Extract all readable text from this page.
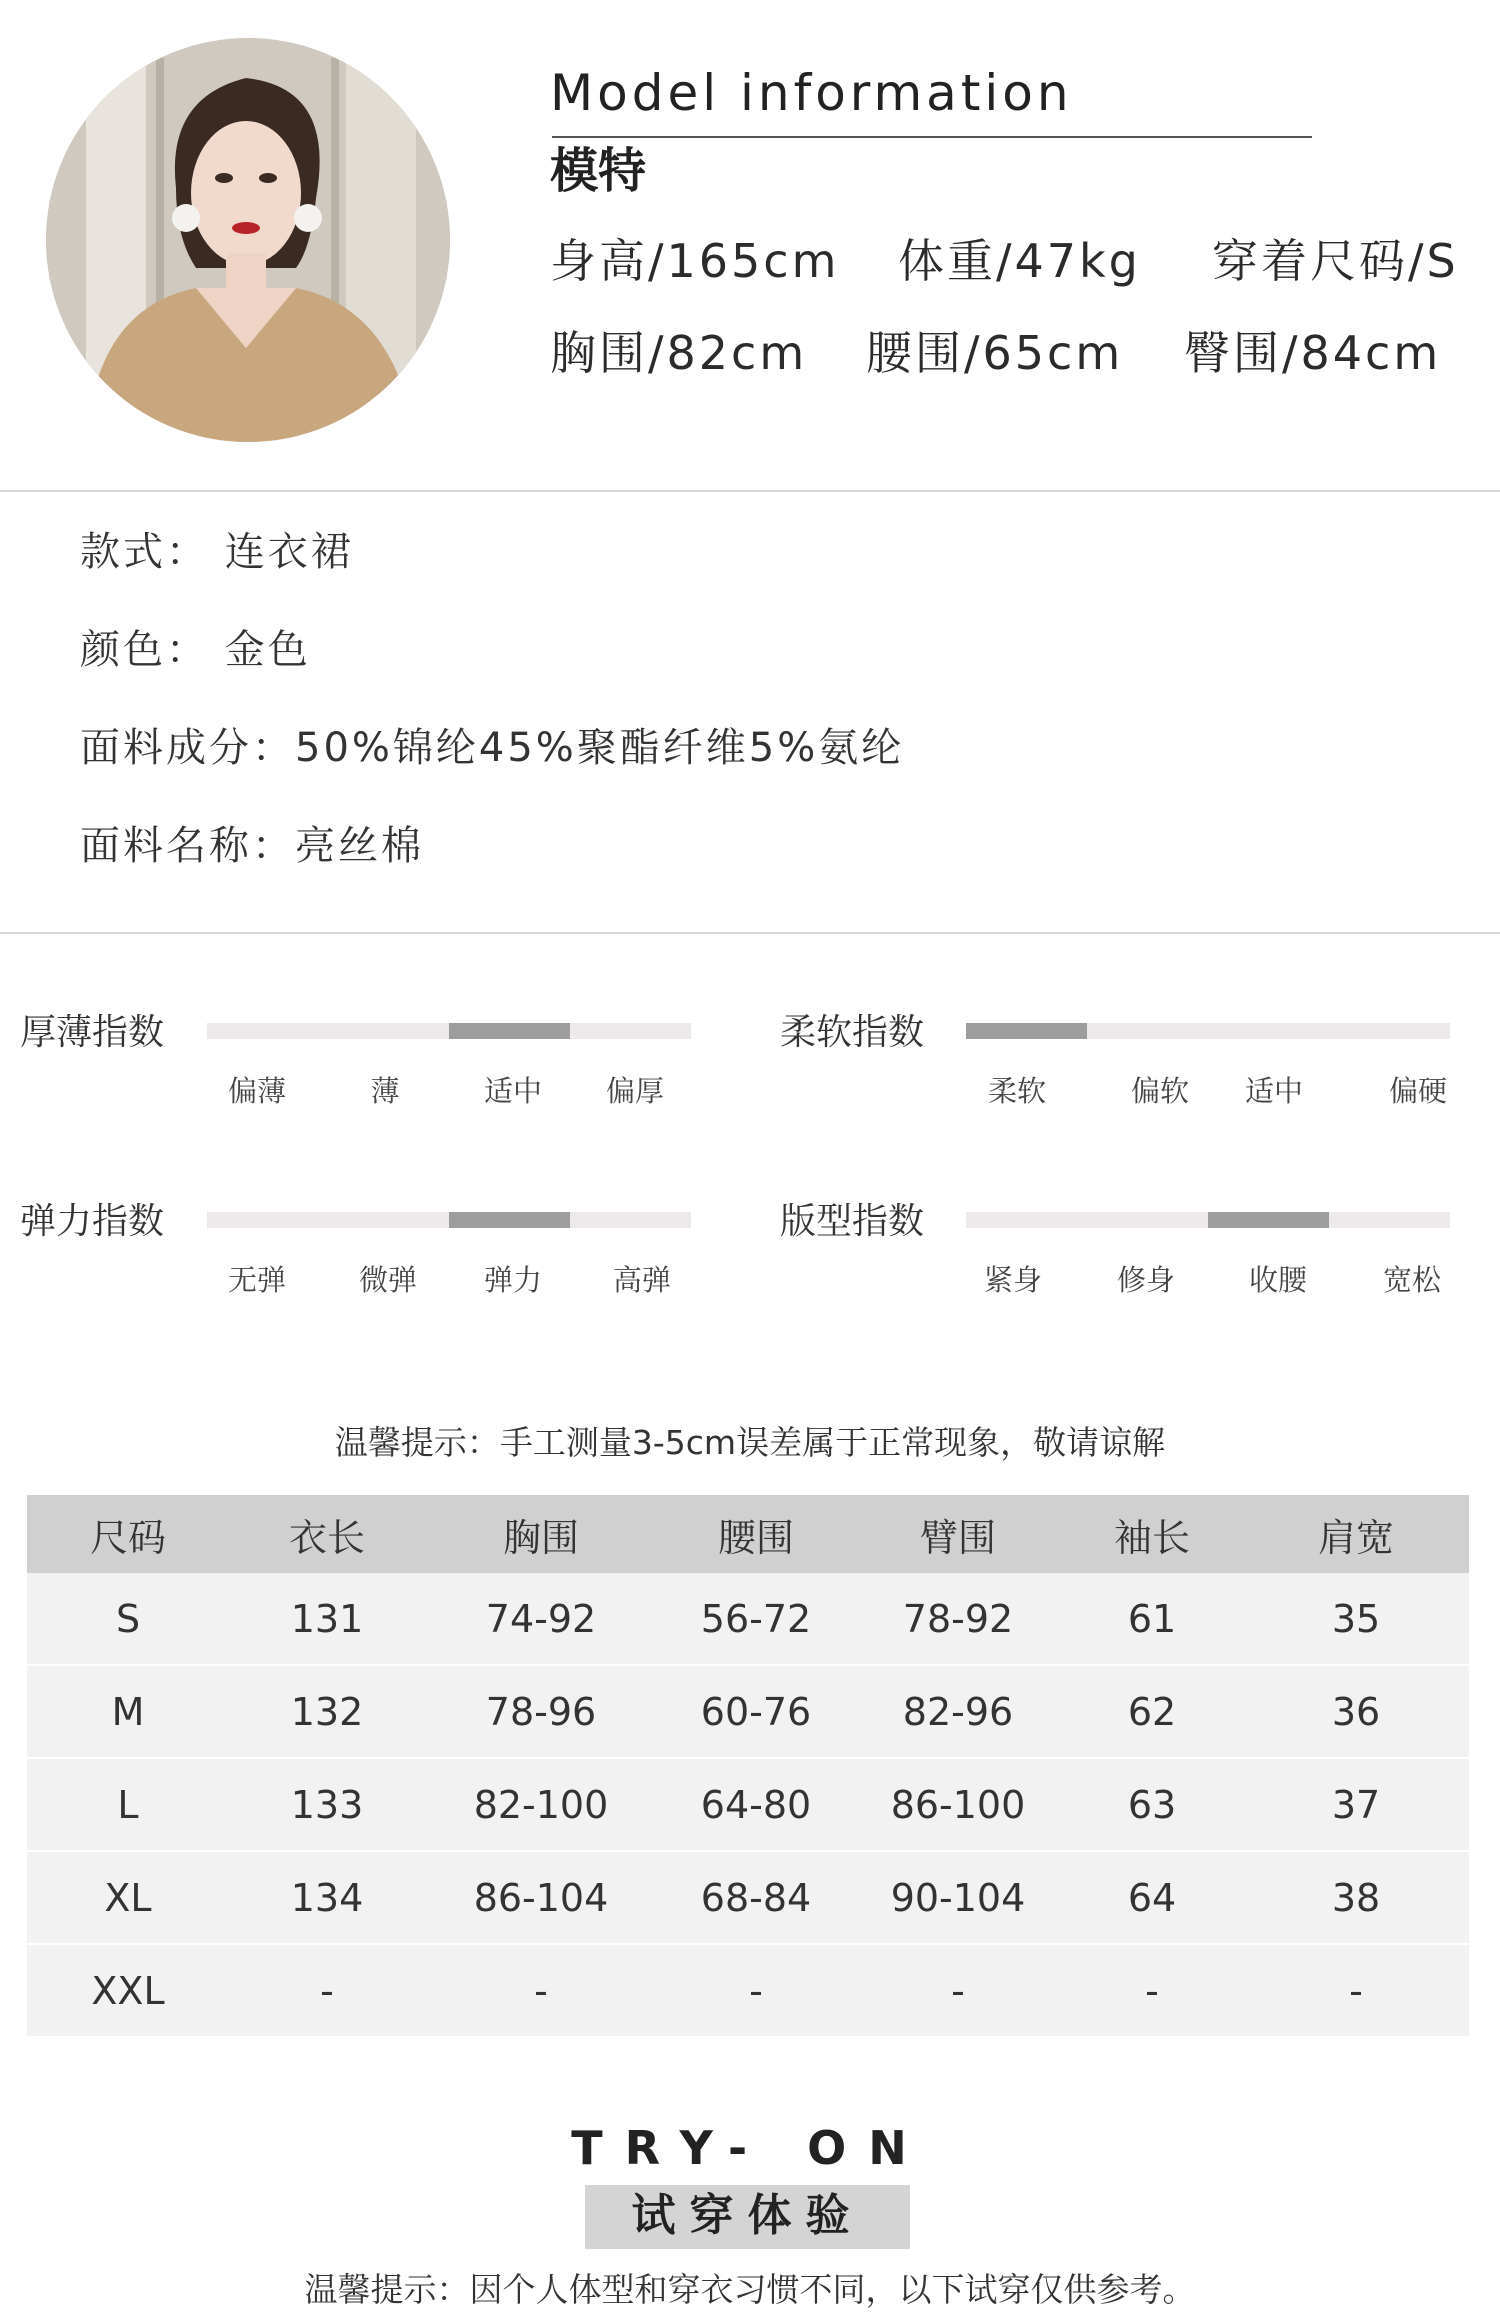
Model information
模特
身高/165cm 体重/47kg 穿着尺码/S
胸围/82cm 腰围/65cm 臀围/84cm
款式： 连衣裙
颜色： 金色
面料成分：50%锦纶45%聚酯纤维5%氨纶
面料名称：亮丝棉
厚薄指数
偏薄	薄	适中	偏厚
柔软指数
柔软	偏软	适中	偏硬
弹力指数
无弹	微弹	弹力	高弹
版型指数
紧身	修身	收腰	宽松
温馨提示：手工测量3-5cm误差属于正常现象，敬请谅解
尺码	衣长	胸围	腰围	臂围	袖长	肩宽
S	131	74-92	56-72	78-92	61	35
M	132	78-96	60-76	82-96	62	36
L	133	82-100	64-80	86-100	63	37
XL	134	86-104	68-84	90-104	64	38
XXL	-	-	-	-	-	-
TRY- ON
试穿体验
温馨提示：因个人体型和穿衣习惯不同，以下试穿仅供参考。
